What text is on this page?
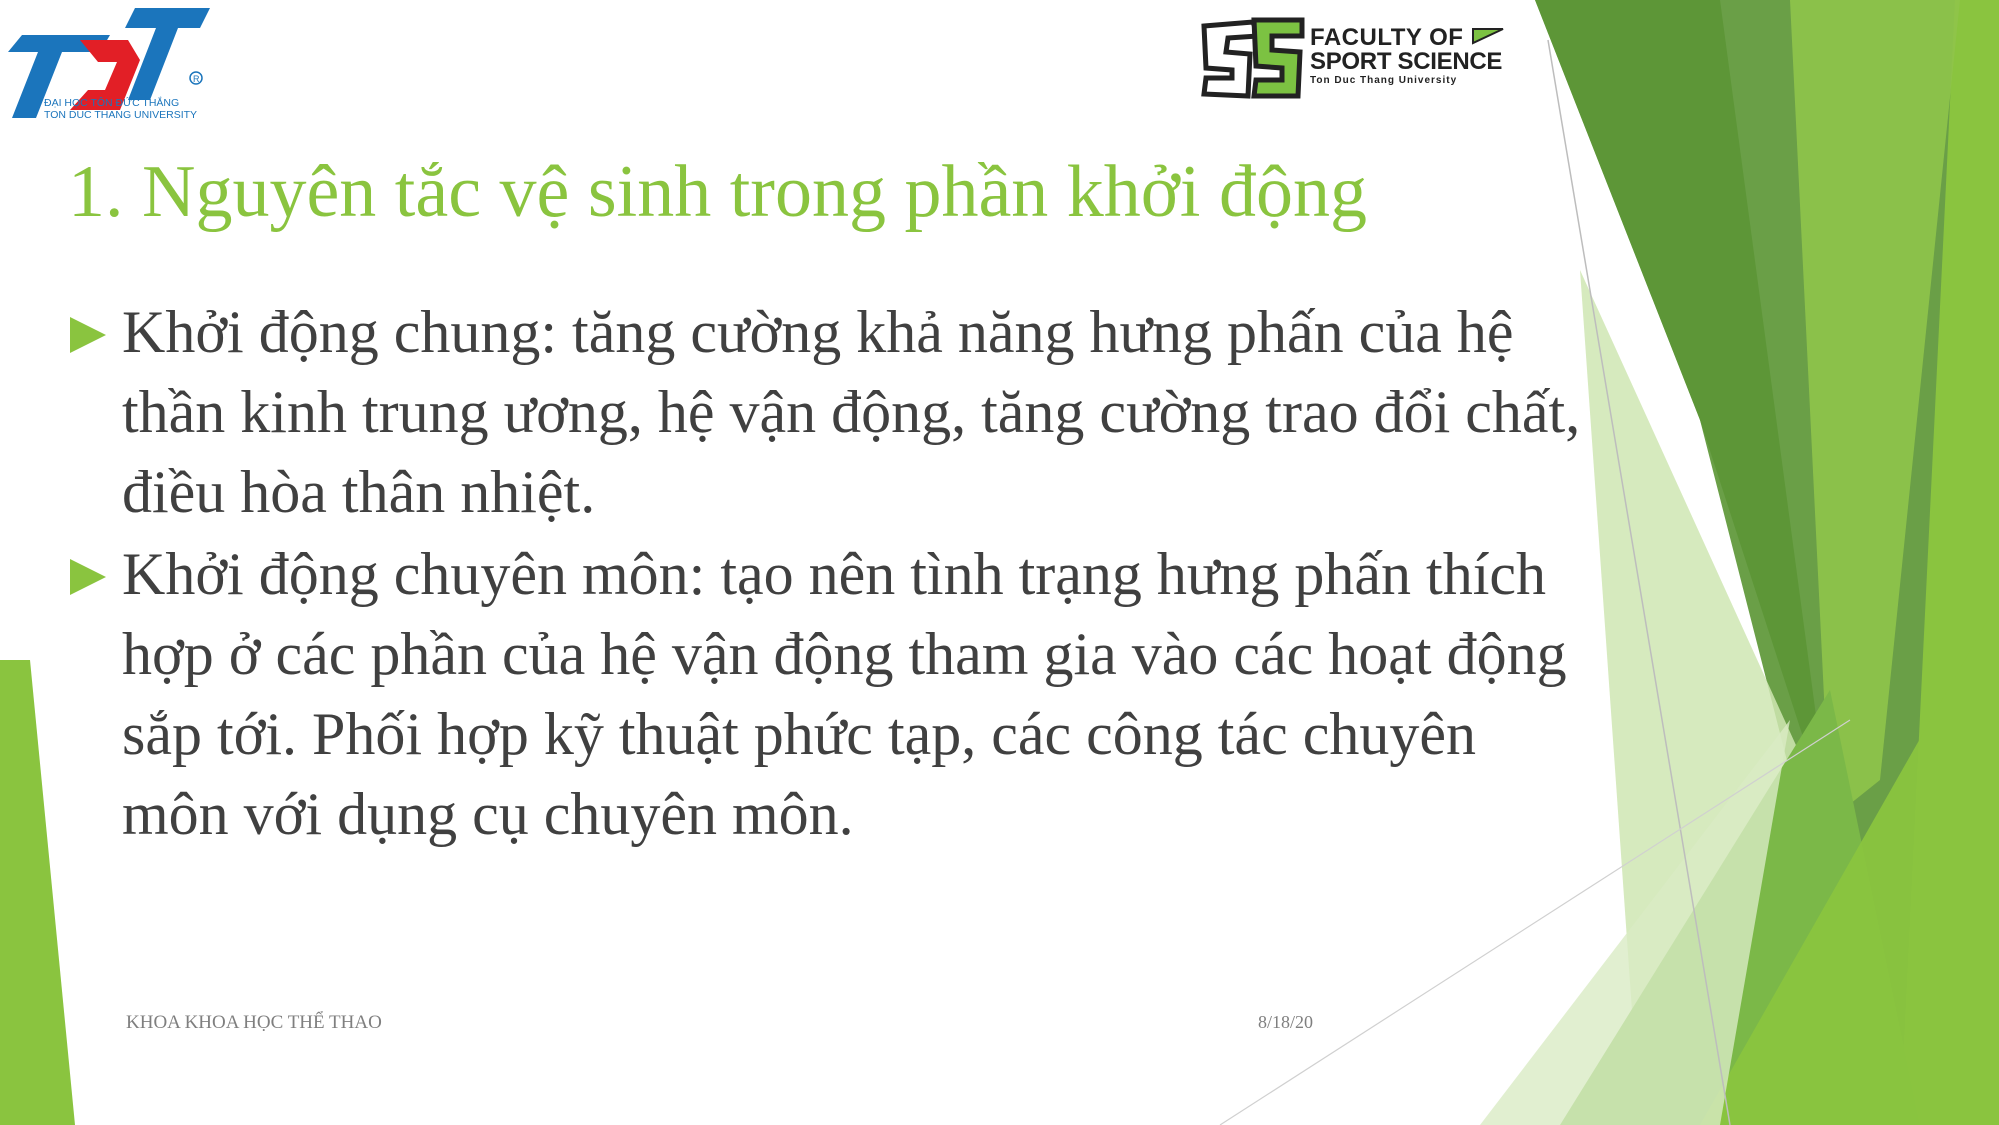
R
ĐẠI HỌC TÔN ĐỨC THẮNG
TON DUC THANG UNIVERSITY
FACULTY OF
SPORT SCIENCE
Ton Duc Thang University
1. Nguyên tắc vệ sinh trong phần khởi động
Khởi động chung: tăng cường khả năng hưng phấn của hệ thần kinh trung ương, hệ vận động, tăng cường trao đổi chất, điều hòa thân nhiệt.
Khởi động chuyên môn: tạo nên tình trạng hưng phấn thích hợp ở các phần của hệ vận động tham gia vào các hoạt động sắp tới. Phối hợp kỹ thuật phức tạp, các công tác chuyên môn với dụng cụ chuyên môn.
KHOA KHOA HỌC THỂ THAO	8/18/20
